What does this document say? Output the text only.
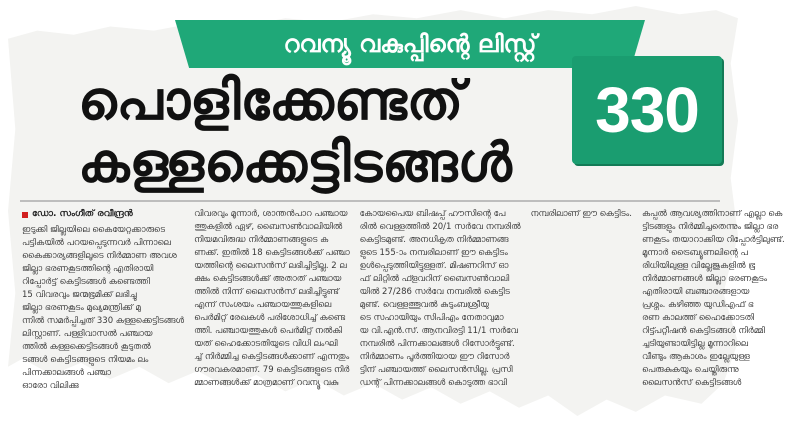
റവന്യൂ വകുപ്പിന്റെ ലിസ്റ്റ്
പൊളിക്കേണ്ടത്
കള്ളക്കെട്ടിടങ്ങൾ
330
ഡോ. സംഗീത് രവീന്ദ്രൻ
ഇടുക്കി ജില്ലയിലെ കൈയേറ്റക്കാരുടെ
പട്ടികയിൽ പറയപ്പെടുന്നവർ പിന്നാലെ
കൈക്കാര്യങ്ങളിലൂടെ നിർമ്മാണ അവശ
ജില്ലാ ഭരണകൂടത്തിന്റെ എതിരായി
റിപ്പോർട്ട് കെട്ടിടങ്ങൾ കണ്ടെത്തി
15 വിവരവും ജന്മഭൂമിക്ക് ലഭിച്ചു
ജില്ലാ ഭരണകൂടം മുഖ്യമന്ത്രിക്ക് മു
ന്നിൽ സമർപ്പിച്ചത് 330 കള്ളക്കെട്ടിടങ്ങൾ
ലിസ്റ്റാണ്. പള്ളിവാസൽ പഞ്ചായ
ത്തിൽ കള്ളക്കെട്ടിടങ്ങൾ കൂടുതൽ
ടങ്ങൾ കെട്ടിടങ്ങളുടെ നിയമം ലം
പിന്നക്കാലങ്ങൾ പഞ്ചാ
ഓരോ വിലിക്കു
വിവരവും മൂന്നാർ, ശാന്തൻപാറ പഞ്ചായ
ത്തുകളിൽ ഏഴ്, ബൈസൺവാലിയിൽ
നിയമവിരുദ്ധ നിർമ്മാണങ്ങളുടെ ക
ണക്ക്. ഇതിൽ 18 കെട്ടിടങ്ങൾക്ക് പഞ്ചാ
യത്തിന്റെ ലൈസൻസ് ലഭിച്ചിട്ടില്ല. 2 ല
ക്ഷം കെട്ടിടങ്ങൾക്ക് അതാത് പഞ്ചായ
ത്തിൽ നിന്ന് ലൈസൻസ് ലഭിച്ചിട്ടുണ്ട്
എന്ന് സംശയം പഞ്ചായത്തുകളിലെ
പെർമിറ്റ് രേഖകൾ പരിശോധിച്ച് കണ്ടെ
ത്തി. പഞ്ചായത്തുകൾ പെർമിറ്റ് നൽകി
യത് ഹൈക്കോടതിയുടെ വിധി ലംഘി
ച്ച് നിർമ്മിച്ച കെട്ടിടങ്ങൾക്കാണ് എന്നതും
ഗൗരവകരമാണ്. 79 കെട്ടിടങ്ങളുടെ നിർ
മ്മാണങ്ങൾക്ക് മാത്രമാണ് റവന്യൂ വകു
കോയപൈയ ബിഷപ്പ് ഹൗസിന്റെ പേ
രിൽ വെള്ളത്തിൽ 20/1 സർവേ നമ്പരിൽ
കെട്ടിടമുണ്ട്. അനധികൃത നിർമ്മാണങ്ങ
ളുടെ 155-ാം നമ്പരിലാണ് ഈ കെട്ടിടം
ഉൾപ്പെടുത്തിയിട്ടുള്ളത്. മിഷണറിസ് ഓ
ഫ് ലിറ്റിൽ ഫ്ളവറിന് ബൈസൺവാലി
യിൽ 27/286 സർവേ നമ്പരിൽ കെട്ടിട
മുണ്ട്. വെള്ളത്തൂവൽ കുടുംബശ്രീയു
ടെ സഹായിയും സിപിഎം നേതാവുമാ
യ വി.എൻ.സ്. ആനവിരട്ടി 11/1 സർവേ
നമ്പരിൽ പിന്നക്കാലങ്ങൾ റിസോർട്ടുണ്ട്.
നിർമ്മാണം പൂർത്തിയായ ഈ റിസോർ
ട്ടിന് പഞ്ചായത്ത് ലൈസൻസില്ല. പ്രസി
ഡന്റ് പിന്നക്കാലങ്ങൾ കൊടുത്ത ഭാവി
നമ്പരിലാണ് ഈ കെട്ടിടം.

കപ്പൽ ആവശ്യത്തിനാണ് എല്ലാ കെ
ട്ടിടങ്ങളും നിർമ്മിച്ചതെന്നും ജില്ലാ ഭര
ണകൂടം തയാറാക്കിയ റിപ്പോർട്ടിലുണ്ട്.
മൂന്നാർ ട്രൈബ്യൂണലിന്റെ പ
രിധിയിലുള്ള വില്ലേജുകളിൽ ഭൂ
നിർമ്മാണങ്ങൾ ജില്ലാ ഭരണകൂടം
എതിരായി ബഞ്ചാരങ്ങളായ
പ്രശ്നം. കഴിഞ്ഞ യുഡിഎഫ് ഭ
രണ കാലത്ത് ഹൈക്കോടതി
റിട്ട്പറ്റീഷൻ കെട്ടിടങ്ങൾ നിർമ്മി
ച്ചടിയുണ്ടായിട്ടില്ല മൂന്നാറിലെ
വീണ്ടും ആകാശം ഇല്ലേയുള്ള
പെരുകുകയും ചെയ്തിരുന്നു
ലൈസൻസ് കെട്ടിടങ്ങൾ
